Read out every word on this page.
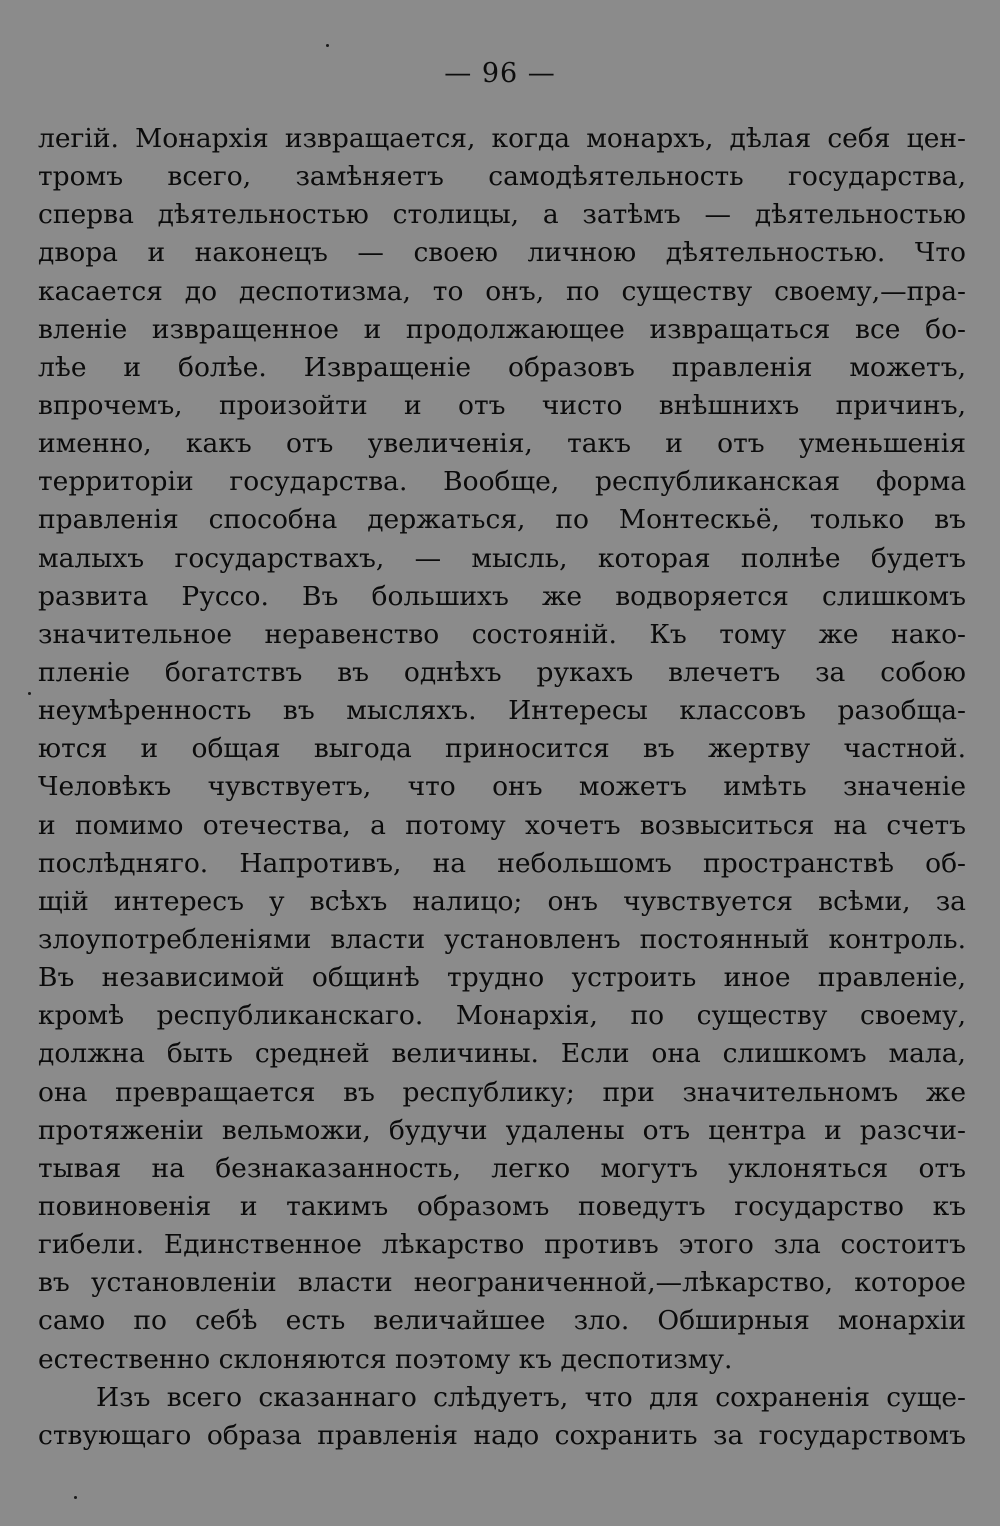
— 96 —
легій. Монархія извращается, когда монархъ, дѣлая себя цен-
тромъ всего, замѣняетъ самодѣятельность государства,
сперва дѣятельностью столицы, а затѣмъ — дѣятельностью
двора и наконецъ — своею личною дѣятельностью. Что
касается до деспотизма, то онъ, по существу своему,—пра-
вленіе извращенное и продолжающее извращаться все бо-
лѣе и болѣе. Извращеніе образовъ правленія можетъ,
впрочемъ, произойти и отъ чисто внѣшнихъ причинъ,
именно, какъ отъ увеличенія, такъ и отъ уменьшенія
территоріи государства. Вообще, республиканская форма
правленія способна держаться, по Монтескьё, только въ
малыхъ государствахъ, — мысль, которая полнѣе будетъ
развита Руссо. Въ большихъ же водворяется слишкомъ
значительное неравенство состояній. Къ тому же нако-
пленіе богатствъ въ однѣхъ рукахъ влечетъ за собою
неумѣренность въ мысляхъ. Интересы классовъ разобща-
ются и общая выгода приносится въ жертву частной.
Человѣкъ чувствуетъ, что онъ можетъ имѣть значеніе
и помимо отечества, а потому хочетъ возвыситься на счетъ
послѣдняго. Напротивъ, на небольшомъ пространствѣ об-
щій интересъ у всѣхъ налицо; онъ чувствуется всѣми, за
злоупотребленіями власти установленъ постоянный контроль.
Въ независимой общинѣ трудно устроить иное правленіе,
кромѣ республиканскаго. Монархія, по существу своему,
должна быть средней величины. Если она слишкомъ мала,
она превращается въ республику; при значительномъ же
протяженіи вельможи, будучи удалены отъ центра и разсчи-
тывая на безнаказанность, легко могутъ уклоняться отъ
повиновенія и такимъ образомъ поведутъ государство къ
гибели. Единственное лѣкарство противъ этого зла состоитъ
въ установленіи власти неограниченной,—лѣкарство, которое
само по себѣ есть величайшее зло. Обширныя монархіи
естественно склоняются поэтому къ деспотизму.
Изъ всего сказаннаго слѣдуетъ, что для сохраненія суще-
ствующаго образа правленія надо сохранить за государствомъ
